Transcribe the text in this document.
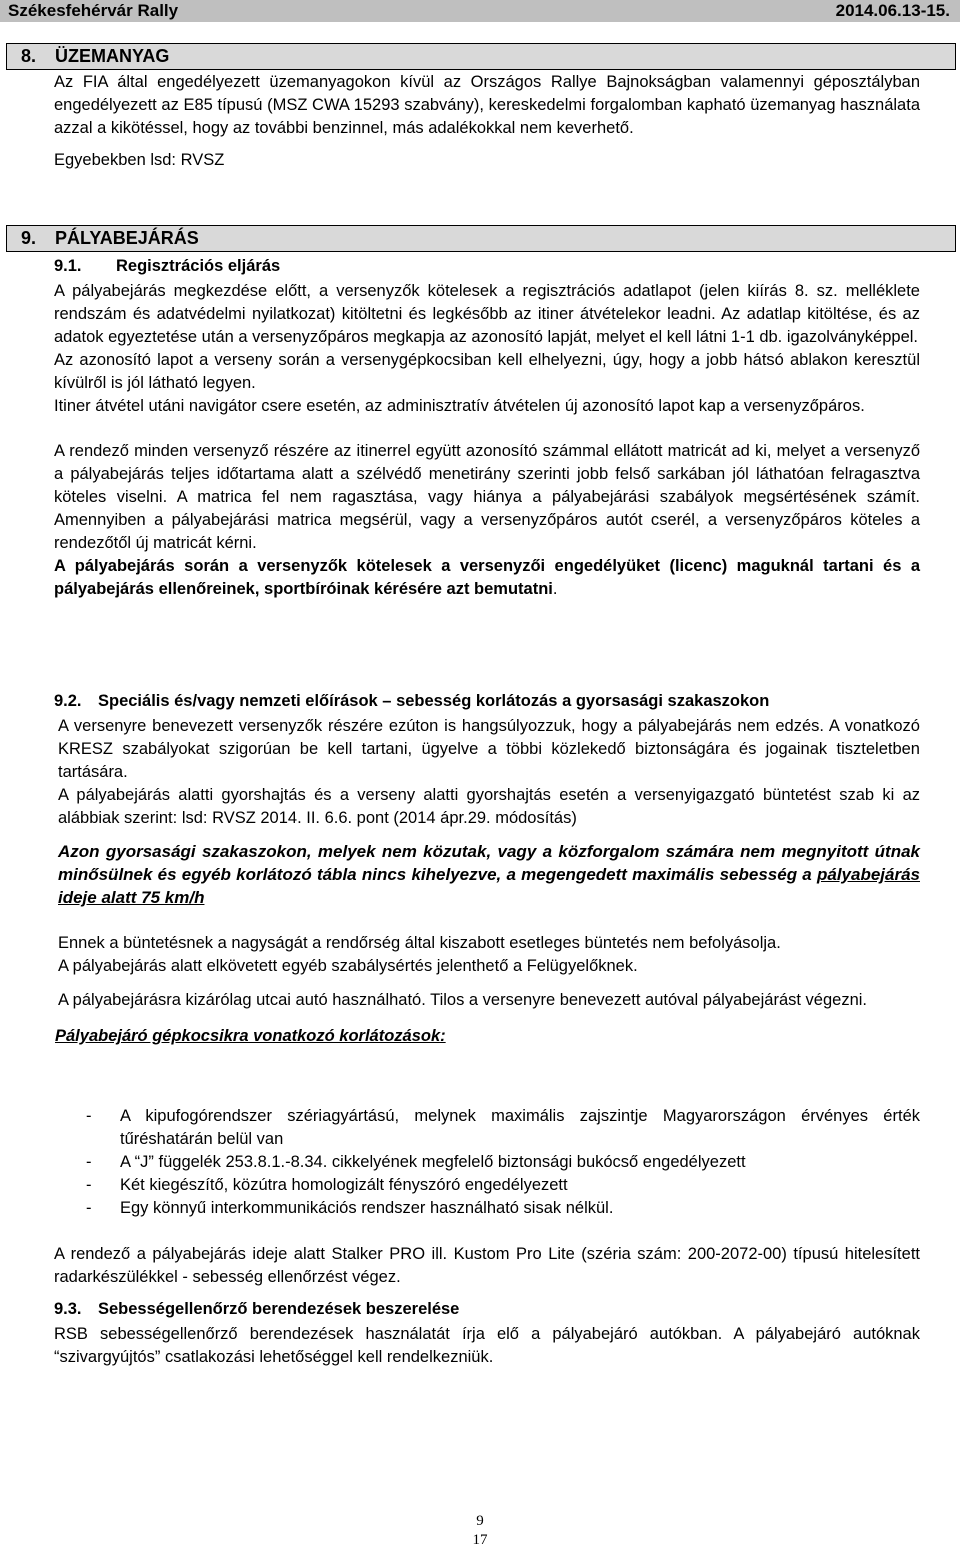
Székesfehérvár Rally	2014.06.13-15.
8. ÜZEMANYAG

Az FIA által engedélyezett üzemanyagokon kívül az Országos Rallye Bajnokságban valamennyi géposztályban engedélyezett az E85 típusú (MSZ CWA 15293 szabvány), kereskedelmi forgalomban kapható üzemanyag használata azzal a kikötéssel, hogy az további benzinnel, más adalékokkal nem keverhető.

Egyebekben lsd: RVSZ

9. PÁLYABEJÁRÁS
9.1. Regisztrációs eljárás

A pályabejárás megkezdése előtt, a versenyzők kötelesek a regisztrációs adatlapot (jelen kiírás 8. sz. melléklete rendszám és adatvédelmi nyilatkozat) kitöltetni és legkésőbb az itiner átvételekor leadni. Az adatlap kitöltése, és az adatok egyeztetése után a versenyzőpáros megkapja az azonosító lapját, melyet el kell látni 1-1 db. igazolványképpel.

Az azonosító lapot a verseny során a versenygépkocsiban kell elhelyezni, úgy, hogy a jobb hátsó ablakon keresztül kívülről is jól látható legyen.

Itiner átvétel utáni navigátor csere esetén, az adminisztratív átvételen új azonosító lapot kap a versenyzőpáros.

A rendező minden versenyző részére az itinerrel együtt azonosító számmal ellátott matricát ad ki, melyet a versenyző a pályabejárás teljes időtartama alatt a szélvédő menetirány szerinti jobb felső sarkában jól láthatóan felragasztva köteles viselni. A matrica fel nem ragasztása, vagy hiánya a pályabejárási szabályok megsértésének számít. Amennyiben a pályabejárási matrica megsérül, vagy a versenyzőpáros autót cserél, a versenyzőpáros köteles a rendezőtől új matricát kérni.

A pályabejárás során a versenyzők kötelesek a versenyzői engedélyüket (licenc) maguknál tartani és a pályabejárás ellenőreinek, sportbíróinak kérésére azt bemutatni.

9.2. Speciális és/vagy nemzeti előírások – sebesség korlátozás a gyorsasági szakaszokon

A versenyre benevezett versenyzők részére ezúton is hangsúlyozzuk, hogy a pályabejárás nem edzés. A vonatkozó KRESZ szabályokat szigorúan be kell tartani, ügyelve a többi közlekedő biztonságára és jogainak tiszteletben tartására.

A pályabejárás alatti gyorshajtás és a verseny alatti gyorshajtás esetén a versenyigazgató büntetést szab ki az alábbiak szerint: lsd: RVSZ 2014. II. 6.6. pont (2014 ápr.29. módosítás)

Azon gyorsasági szakaszokon, melyek nem közutak, vagy a közforgalom számára nem megnyitott útnak minősülnek és egyéb korlátozó tábla nincs kihelyezve, a megengedett maximális sebesség a pályabejárás ideje alatt 75 km/h

Ennek a büntetésnek a nagyságát a rendőrség által kiszabott esetleges büntetés nem befolyásolja.

A pályabejárás alatt elkövetett egyéb szabálysértés jelenthető a Felügyelőknek.

A pályabejárásra kizárólag utcai autó használható. Tilos a versenyre benevezett autóval pályabejárást végezni.

Pályabejáró gépkocsikra vonatkozó korlátozások:

- A kipufogórendszer szériagyártású, melynek maximális zajszintje Magyarországon érvényes érték tűréshatárán belül van
- A “J” függelék 253.8.1.-8.34. cikkelyének megfelelő biztonsági bukócső engedélyezett
- Két kiegészítő, közútra homologizált fényszóró engedélyezett
- Egy könnyű interkommunikációs rendszer használható sisak nélkül.

A rendező a pályabejárás ideje alatt Stalker PRO ill. Kustom Pro Lite (széria szám: 200-2072-00) típusú hitelesített radarkészülékkel - sebesség ellenőrzést végez.

9.3. Sebességellenőrző berendezések beszerelése

RSB sebességellenőrző berendezések használatát írja elő a pályabejáró autókban. A pályabejáró autóknak “szivargyújtós” csatlakozási lehetőséggel kell rendelkezniük.

9
17
